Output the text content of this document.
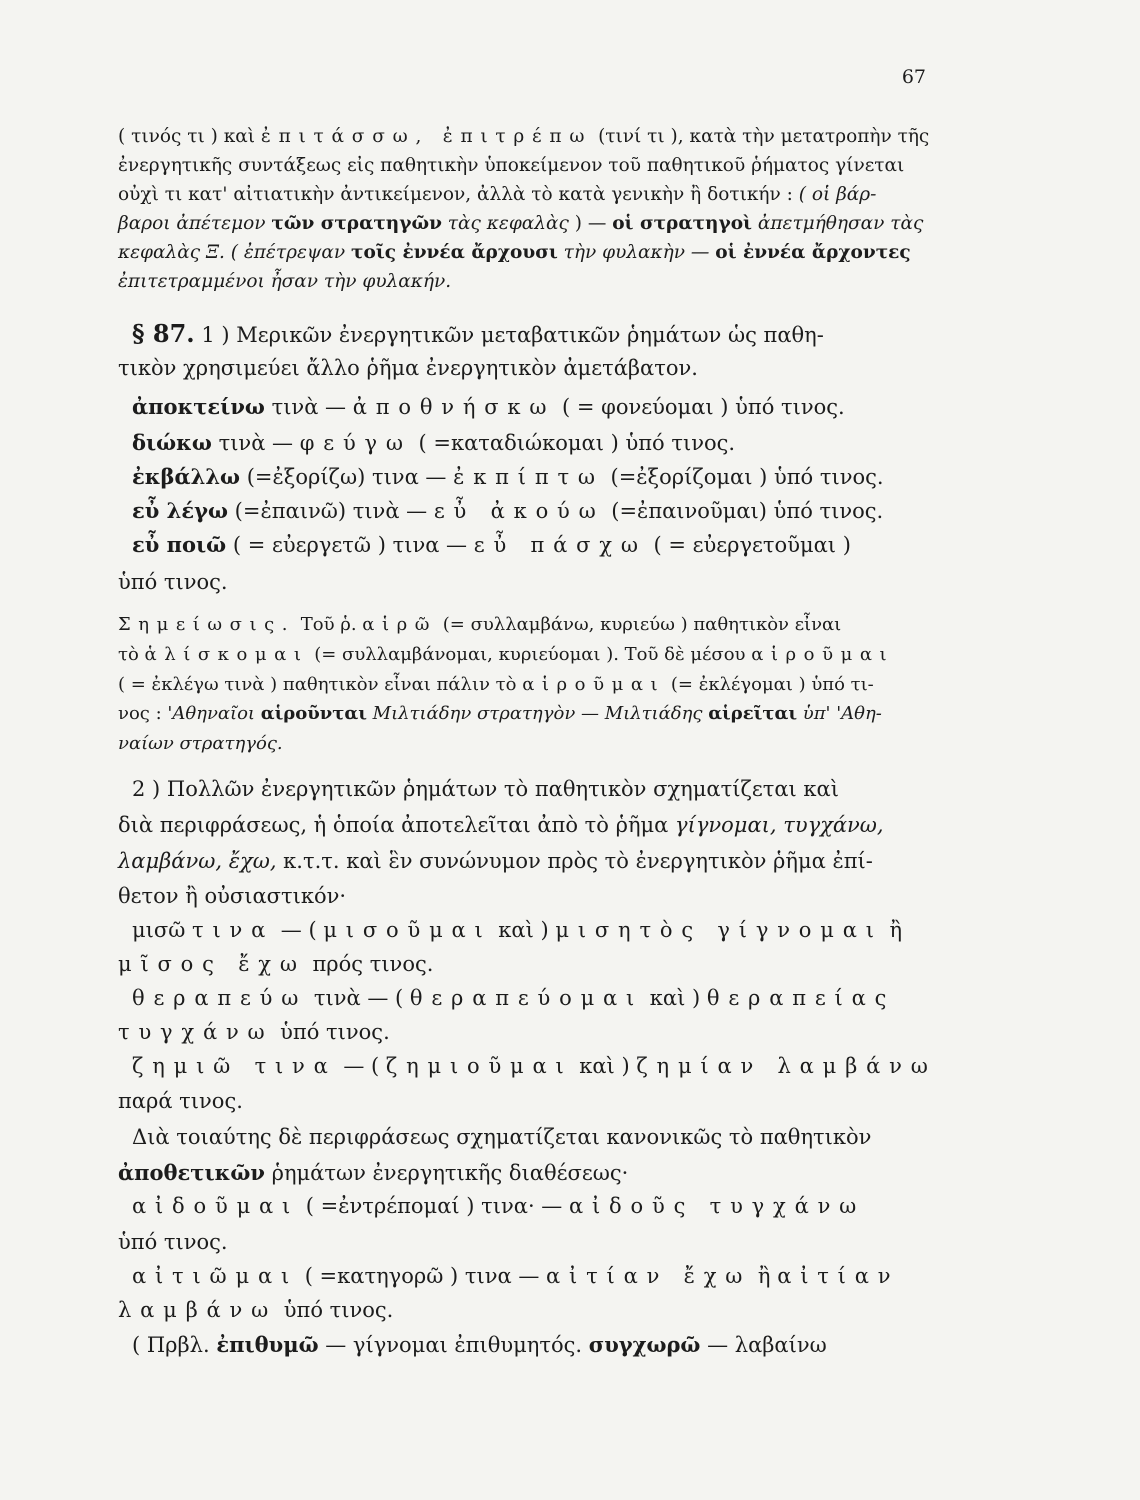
67
( τινός τι ) καὶ ἐπιτάσσω, ἐπιτρέπω (τινί τι ), κατὰ τὴν μετατροπὴν τῆς
ἐνεργητικῆς συντάξεως εἰς παθητικὴν ὑποκείμενον τοῦ παθητικοῦ ῥήματος γίνεται
οὐχὶ τι κατ' αἰτιατικὴν ἀντικείμενον, ἀλλὰ τὸ κατὰ γενικὴν ἢ δοτικήν : ( οἱ βάρ-
βαροι ἀπέτεμον τῶν στρατηγῶν τὰς κεφαλὰς ) — οἱ στρατηγοὶ ἀπετμήθησαν τὰς
κεφαλὰς Ξ. ( ἐπέτρεψαν τοῖς ἐννέα ἄρχουσι τὴν φυλακὴν — οἱ ἐννέα ἄρχοντες
ἐπιτετραμμένοι ἦσαν τὴν φυλακήν.
§ 87. 1 ) Μερικῶν ἐνεργητικῶν μεταβατικῶν ῥημάτων ὡς παθη-
τικὸν χρησιμεύει ἄλλο ῥῆμα ἐνεργητικὸν ἀμετάβατον.
ἀποκτείνω τινὰ — ἀποθνήσκω ( = φονεύομαι ) ὑπό τινος.
διώκω τινὰ — φεύγω ( =καταδιώκομαι ) ὑπό τινος.
ἐκβάλλω (=ἐξορίζω) τινα — ἐκπίπτω (=ἐξορίζομαι ) ὑπό τινος.
εὖ λέγω (=ἐπαινῶ) τινὰ — εὖ ἀκούω (=ἐπαινοῦμαι) ὑπό τινος.
εὖ ποιῶ ( = εὐεργετῶ ) τινα — εὖ πάσχω ( = εὐεργετοῦμαι )
ὑπό τινος.
Σημείωσις. Τοῦ ῥ. αἱρῶ (= συλλαμβάνω, κυριεύω ) παθητικὸν εἶναι
τὸ ἁλίσκομαι (= συλλαμβάνομαι, κυριεύομαι ). Τοῦ δὲ μέσου αἱροῦμαι
( = ἐκλέγω τινὰ ) παθητικὸν εἶναι πάλιν τὸ αἱροῦμαι (= ἐκλέγομαι ) ὑπό τι-
νος : 'Αθηναῖοι αἱροῦνται Μιλτιάδην στρατηγὸν — Μιλτιάδης αἱρεῖται ὑπ' 'Αθη-
ναίων στρατηγός.
2 ) Πολλῶν ἐνεργητικῶν ῥημάτων τὸ παθητικὸν σχηματίζεται καὶ
διὰ περιφράσεως, ἡ ὁποία ἀποτελεῖται ἀπὸ τὸ ῥῆμα γίγνομαι, τυγχάνω,
λαμβάνω, ἔχω, κ.τ.τ. καὶ ἓν συνώνυμον πρὸς τὸ ἐνεργητικὸν ῥῆμα ἐπί-
θετον ἢ οὐσιαστικόν·
μισῶ τινα — ( μισοῦμαι καὶ ) μισητὸς γίγνομαι ἢ
μῖσος ἔχω πρός τινος.
θεραπεύω τινὰ — ( θεραπεύομαι καὶ ) θεραπείας
τυγχάνω ὑπό τινος.
ζημιῶ τινα — ( ζημιοῦμαι καὶ ) ζημίαν λαμβάνω
παρά τινος.
Διὰ τοιαύτης δὲ περιφράσεως σχηματίζεται κανονικῶς τὸ παθητικὸν
ἀποθετικῶν ῥημάτων ἐνεργητικῆς διαθέσεως·
αἰδοῦμαι ( =ἐντρέπομαί ) τινα· — αἰδοῦς τυγχάνω
ὑπό τινος.
αἰτιῶμαι ( =κατηγορῶ ) τινα — αἰτίαν ἔχω ἢ αἰτίαν
λαμβάνω ὑπό τινος.
( Πρβλ. ἐπιθυμῶ — γίγνομαι ἐπιθυμητός. συγχωρῶ — λαβαίνω
